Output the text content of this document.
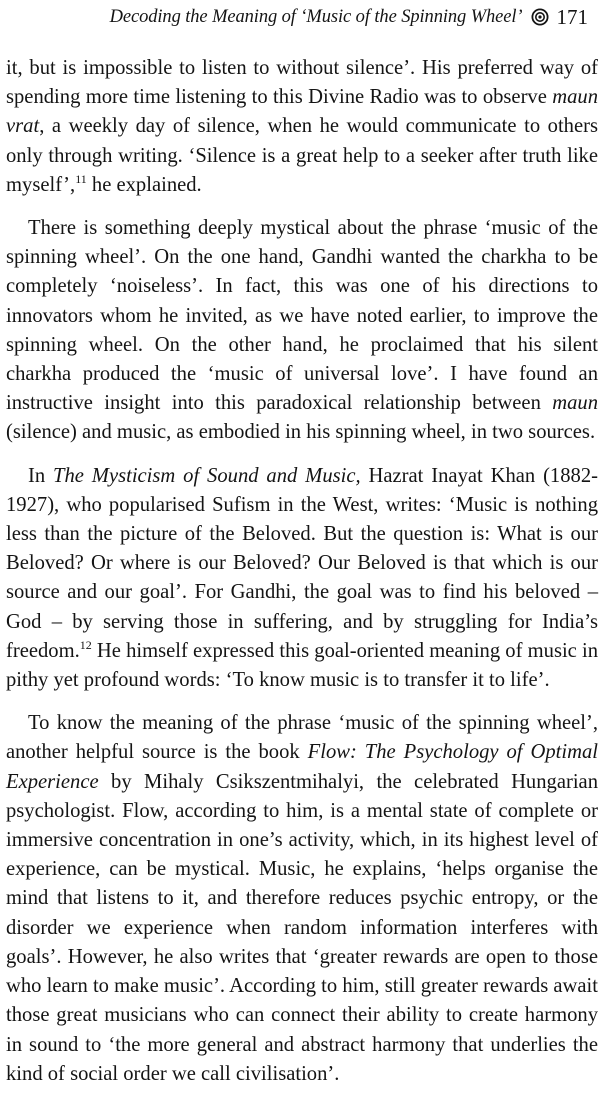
Decoding the Meaning of ‘Music of the Spinning Wheel’ 171

it, but is impossible to listen to without silence’. His preferred way of spending more time listening to this Divine Radio was to observe maun vrat, a weekly day of silence, when he would communicate to others only through writing. ‘Silence is a great help to a seeker after truth like myself’,$^{11}$ he explained.

There is something deeply mystical about the phrase ‘music of the spinning wheel’. On the one hand, Gandhi wanted the charkha to be completely ‘noiseless’. In fact, this was one of his directions to innovators whom he invited, as we have noted earlier, to improve the spinning wheel. On the other hand, he proclaimed that his silent charkha produced the ‘music of universal love’. I have found an instructive insight into this paradoxical relationship between maun (silence) and music, as embodied in his spinning wheel, in two sources.

In The Mysticism of Sound and Music, Hazrat Inayat Khan (1882-1927), who popularised Sufism in the West, writes: ‘Music is nothing less than the picture of the Beloved. But the question is: What is our Beloved? Or where is our Beloved? Our Beloved is that which is our source and our goal’. For Gandhi, the goal was to find his beloved – God – by serving those in suffering, and by struggling for India’s freedom.$^{12}$ He himself expressed this goal-oriented meaning of music in pithy yet profound words: ‘To know music is to transfer it to life’.

To know the meaning of the phrase ‘music of the spinning wheel’, another helpful source is the book Flow: The Psychology of Optimal Experience by Mihaly Csikszentmihalyi, the celebrated Hungarian psychologist. Flow, according to him, is a mental state of complete or immersive concentration in one’s activity, which, in its highest level of experience, can be mystical. Music, he explains, ‘helps organise the mind that listens to it, and therefore reduces psychic entropy, or the disorder we experience when random information interferes with goals’. However, he also writes that ‘greater rewards are open to those who learn to make music’. According to him, still greater rewards await those great musicians who can connect their ability to create harmony in sound to ‘the more general and abstract harmony that underlies the kind of social order we call civilisation’.
